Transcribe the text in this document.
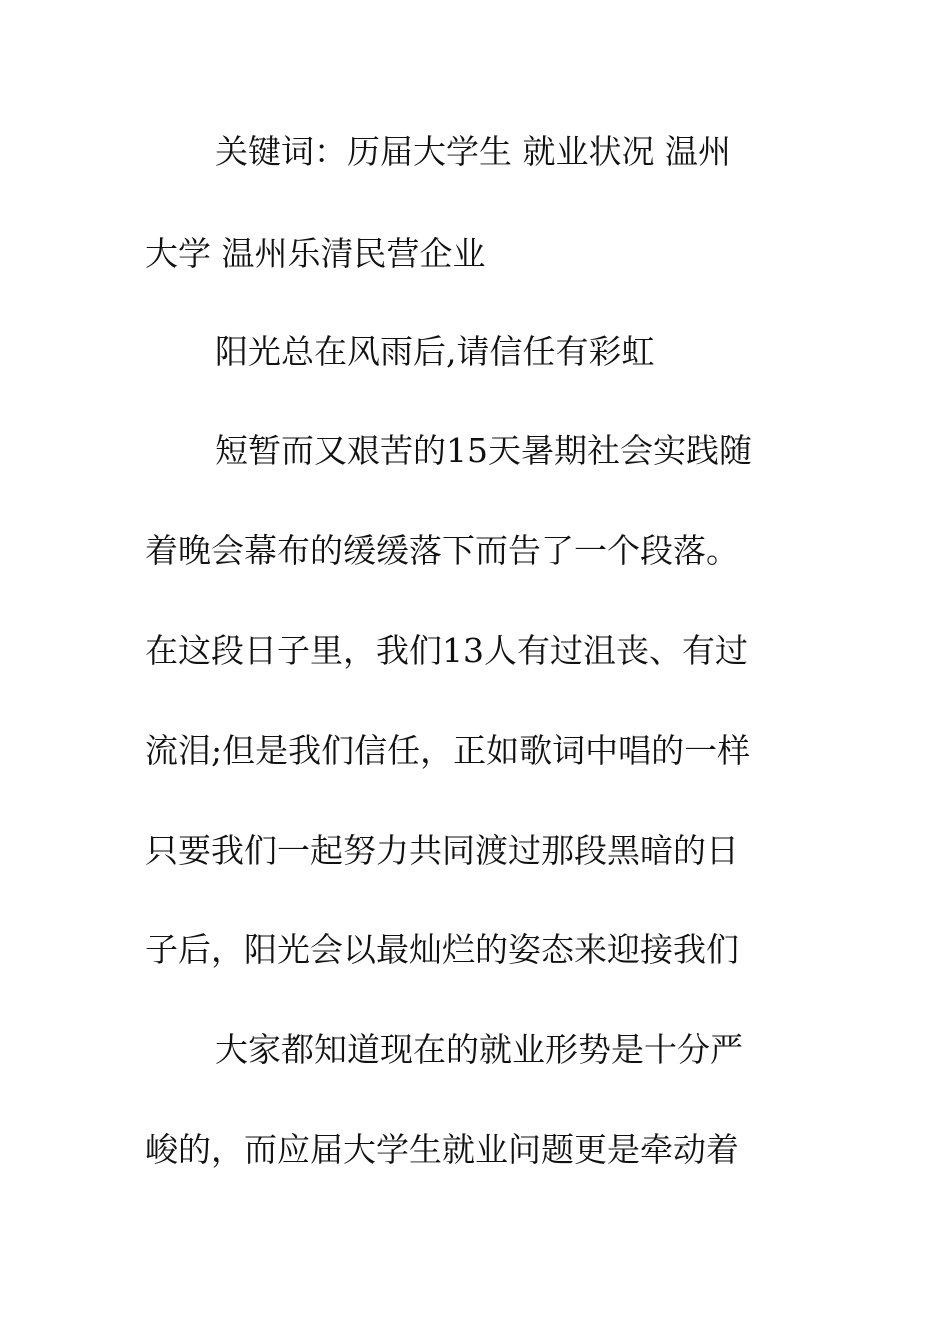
关键词：历届大学生 就业状况 温州
大学 温州乐清民营企业
阳光总在风雨后,请信任有彩虹
短暂而又艰苦的15天暑期社会实践随
着晚会幕布的缓缓落下而告了一个段落。
在这段日子里，我们13人有过沮丧、有过
流泪;但是我们信任，正如歌词中唱的一样
只要我们一起努力共同渡过那段黑暗的日
子后，阳光会以最灿烂的姿态来迎接我们
大家都知道现在的就业形势是十分严
峻的，而应届大学生就业问题更是牵动着
